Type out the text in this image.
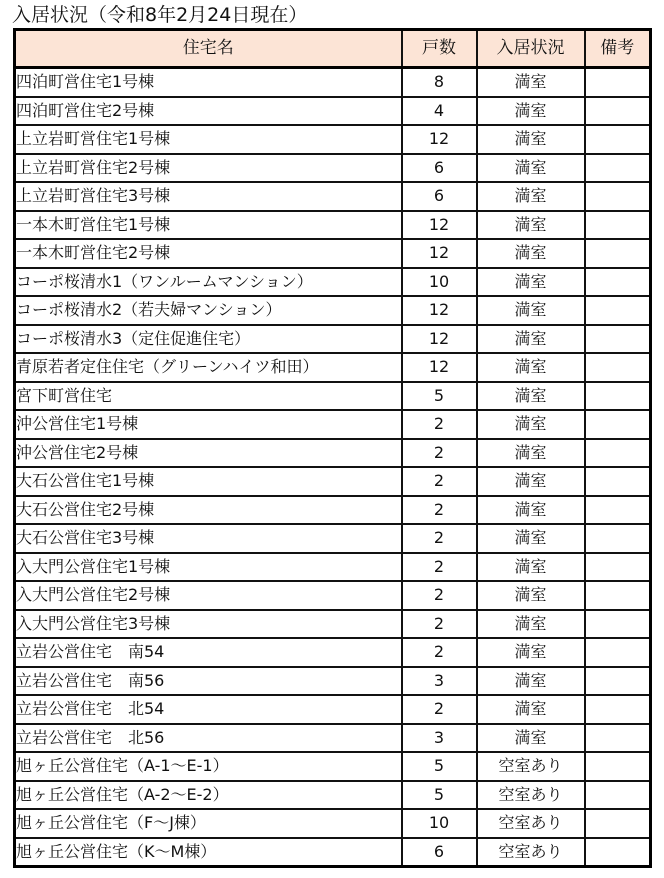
入居状況（令和8年2月24日現在）
住宅名	戸数	入居状況	備考
四泊町営住宅1号棟	8	満室	
四泊町営住宅2号棟	4	満室	
上立岩町営住宅1号棟	12	満室	
上立岩町営住宅2号棟	6	満室	
上立岩町営住宅3号棟	6	満室	
一本木町営住宅1号棟	12	満室	
一本木町営住宅2号棟	12	満室	
コーポ桜清水1（ワンルームマンション）	10	満室	
コーポ桜清水2（若夫婦マンション）	12	満室	
コーポ桜清水3（定住促進住宅）	12	満室	
青原若者定住住宅（グリーンハイツ和田）	12	満室	
宮下町営住宅	5	満室	
沖公営住宅1号棟	2	満室	
沖公営住宅2号棟	2	満室	
大石公営住宅1号棟	2	満室	
大石公営住宅2号棟	2	満室	
大石公営住宅3号棟	2	満室	
入大門公営住宅1号棟	2	満室	
入大門公営住宅2号棟	2	満室	
入大門公営住宅3号棟	2	満室	
立岩公営住宅　南54	2	満室	
立岩公営住宅　南56	3	満室	
立岩公営住宅　北54	2	満室	
立岩公営住宅　北56	3	満室	
旭ヶ丘公営住宅（A-1～E-1）	5	空室あり	
旭ヶ丘公営住宅（A-2～E-2）	5	空室あり	
旭ヶ丘公営住宅（F～J棟）	10	空室あり	
旭ヶ丘公営住宅（K～M棟）	6	空室あり	
